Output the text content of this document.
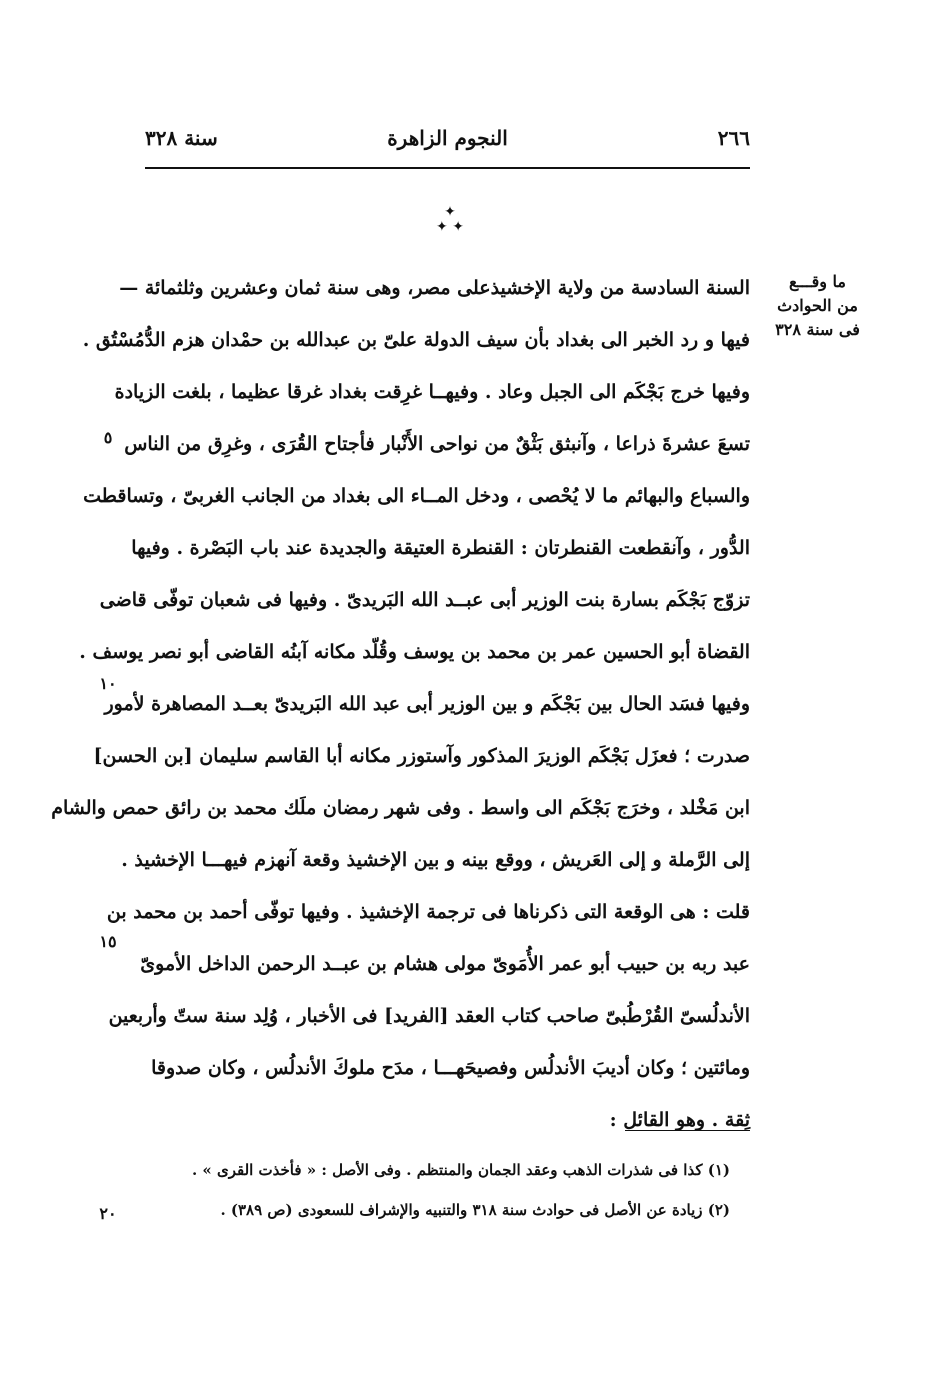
٢٦٦
النجوم الزاهرة
سنة ٣٢٨
✦
✦ ✦
ما وقـــع
من الحوادث
فى سنة ٣٢٨
السنة السادسة من ولاية الإخشيذعلى مصر، وهى سنة ثمان وعشرين وثلثمائة —
فيها و رد الخبر الى بغداد بأن سيف الدولة علىّ بن عبدالله بن حمْدان هزم الدُّمُسْتُق .
وفيها خرج بَجْكَم الى الجبل وعاد . وفيهــا غرِقت بغداد غرقا عظيما ، بلغت الزيادة
تسعَ عشرةَ ذراعا ، وآنبثق بَثْقٌ من نواحى الأَنْبار فأجتاح القُرَى ، وغرِق من الناس
والسباع والبهائم ما لا يُحْصى ، ودخل المــاء الى بغداد من الجانب الغربىّ ، وتساقطت
الدُّور ، وآنقطعت القنطرتان : القنطرة العتيقة والجديدة عند باب البَصْرة . وفيها
تزوّج بَجْكَم بسارة بنت الوزير أبى عبــد الله البَريدىّ . وفيها فى شعبان توفّى قاضى
القضاة أبو الحسين عمر بن محمد بن يوسف وقُلّد مكانه آبنُه القاضى أبو نصر يوسف .
وفيها فسَد الحال بين بَجْكَم و بين الوزير أبى عبد الله البَريدىّ بعــد المصاهرة لأمور
صدرت ؛ فعزَل بَجْكَم الوزيرَ المذكور وآستوزر مكانه أبا القاسم سليمان [بن الحسن]
ابن مَخْلد ، وخرَج بَجْكَم الى واسط . وفى شهر رمضان ملَك محمد بن رائق حمص والشام
إلى الرَّملة و إلى العَريش ، ووقع بينه و بين الإخشيذ وقعة آنهزم فيهـــا الإخشيذ .
قلت : هى الوقعة التى ذكرناها فى ترجمة الإخشيذ . وفيها توفّى أحمد بن محمد بن
عبد ربه بن حبيب أبو عمر الأُمَوىّ مولى هشام بن عبــد الرحمن الداخل الأموىّ
الأندلُسىّ القُرْطُبىّ صاحب كتاب العقد [الفريد] فى الأخبار ، وُلِد سنة ستّ وأربعين
ومائتين ؛ وكان أديبَ الأندلُس وفصيحَهـــا ، مدَح ملوكَ الأندلُس ، وكان صدوقا
ثِقة . وهو القائل :
٥
١٠
١٥
٢٠
(١) كذا فى شذرات الذهب وعقد الجمان والمنتظم . وفى الأصل : « فأخذت القرى » .
(٢) زيادة عن الأصل فى حوادث سنة ٣١٨ والتنبيه والإشراف للسعودى (ص ٣٨٩) .
